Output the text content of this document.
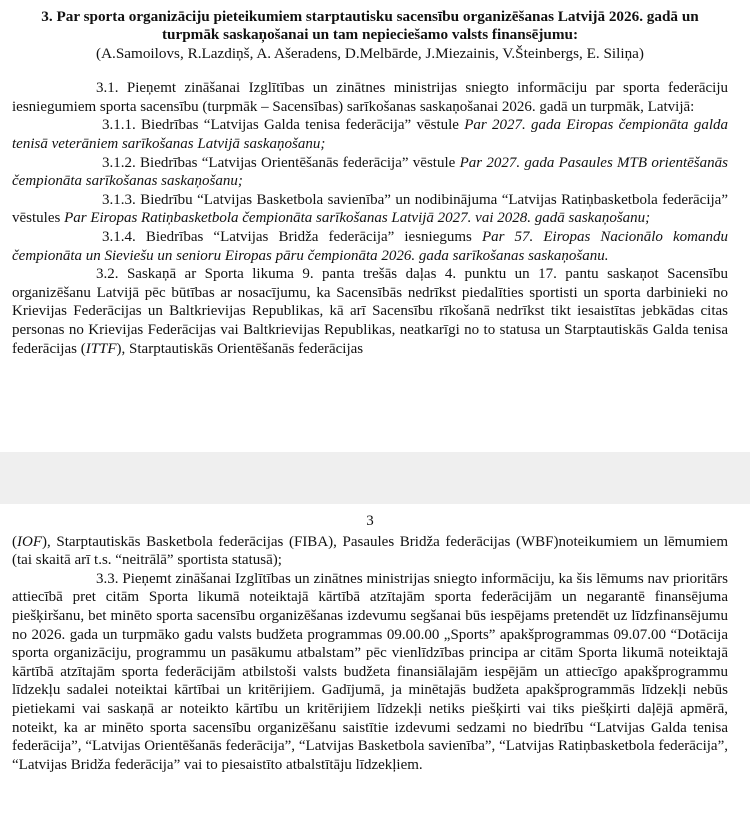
3. Par sporta organizāciju pieteikumiem starptautisku sacensību organizēšanas Latvijā 2026. gadā un turpmāk saskaņošanai un tam nepieciešamo valsts finansējumu:
(A.Samoilovs, R.Lazdiņš, A. Ašeradens, D.Melbārde, J.Miezainis, V.Šteinbergs, E. Siliņa)

3.1. Pieņemt zināšanai Izglītības un zinātnes ministrijas sniegto informāciju par sporta federāciju iesniegumiem sporta sacensību (turpmāk – Sacensības) sarīkošanas saskaņošanai 2026. gadā un turpmāk, Latvijā:

3.1.1. Biedrības “Latvijas Galda tenisa federācija” vēstule Par 2027. gada Eiropas čempionāta galda tenisā veterāniem sarīkošanas Latvijā saskaņošanu;

3.1.2. Biedrības “Latvijas Orientēšanās federācija” vēstule Par 2027. gada Pasaules MTB orientēšanās čempionāta sarīkošanas saskaņošanu;

3.1.3. Biedrību “Latvijas Basketbola savienība” un nodibinājuma “Latvijas Ratiņbasketbola federācija” vēstules Par Eiropas Ratiņbasketbola čempionāta sarīkošanas Latvijā 2027. vai 2028. gadā saskaņošanu;

3.1.4. Biedrības “Latvijas Bridža federācija” iesniegums Par 57. Eiropas Nacionālo komandu čempionāta un Sieviešu un senioru Eiropas pāru čempionāta 2026. gada sarīkošanas saskaņošanu.

3.2. Saskaņā ar Sporta likuma 9. panta trešās daļas 4. punktu un 17. pantu saskaņot Sacensību organizēšanu Latvijā pēc būtības ar nosacījumu, ka Sacensībās nedrīkst piedalīties sportisti un sporta darbinieki no Krievijas Federācijas un Baltkrievijas Republikas, kā arī Sacensību rīkošanā nedrīkst tikt iesaistītas jebkādas citas personas no Krievijas Federācijas vai Baltkrievijas Republikas, neatkarīgi no to statusa un Starptautiskās Galda tenisa federācijas (ITTF), Starptautiskās Orientēšanās federācijas

3

(IOF), Starptautiskās Basketbola federācijas (FIBA), Pasaules Bridža federācijas (WBF)noteikumiem un lēmumiem (tai skaitā arī t.s. “neitrālā” sportista statusā);

3.3. Pieņemt zināšanai Izglītības un zinātnes ministrijas sniegto informāciju, ka šis lēmums nav prioritārs attiecībā pret citām Sporta likumā noteiktajā kārtībā atzītajām sporta federācijām un negarantē finansējuma piešķiršanu, bet minēto sporta sacensību organizēšanas izdevumu segšanai būs iespējams pretendēt uz līdzfinansējumu no 2026. gada un turpmāko gadu valsts budžeta programmas 09.00.00 „Sports” apakšprogrammas 09.07.00 “Dotācija sporta organizāciju, programmu un pasākumu atbalstam” pēc vienlīdzības principa ar citām Sporta likumā noteiktajā kārtībā atzītajām sporta federācijām atbilstoši valsts budžeta finansiālajām iespējām un attiecīgo apakšprogrammu līdzekļu sadalei noteiktai kārtībai un kritērijiem. Gadījumā, ja minētajās budžeta apakšprogrammās līdzekļi nebūs pietiekami vai saskaņā ar noteikto kārtību un kritērijiem līdzekļi netiks piešķirti vai tiks piešķirti daļējā apmērā, noteikt, ka ar minēto sporta sacensību organizēšanu saistītie izdevumi sedzami no biedrību “Latvijas Galda tenisa federācija”, “Latvijas Orientēšanās federācija”, “Latvijas Basketbola savienība”, “Latvijas Ratiņbasketbola federācija”, “Latvijas Bridža federācija” vai to piesaistīto atbalstītāju līdzekļiem.
